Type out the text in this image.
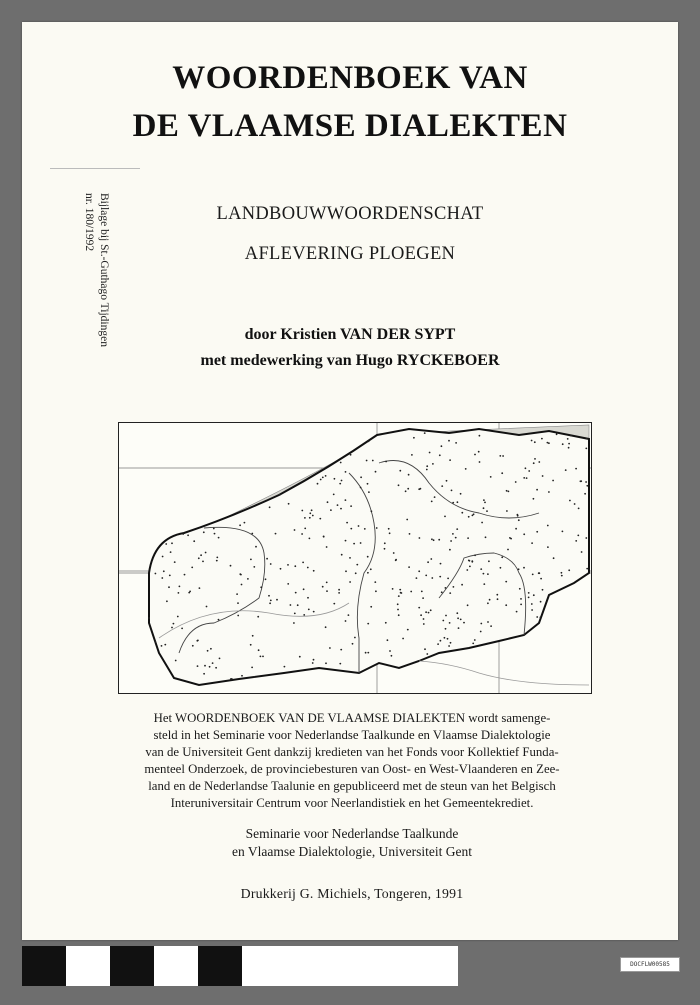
WOORDENBOEK VAN
DE VLAAMSE DIALEKTEN
Bijlage bij St.-Guthago Tijdingen
nr. 180/1992	LANDBOUWWOORDENSCHAT
AFLEVERING PLOEGEN
door Kristien VAN DER SYPT
met medewerking van Hugo RYCKEBOER
Het WOORDENBOEK VAN DE VLAAMSE DIALEKTEN wordt samenge-
steld in het Seminarie voor Nederlandse Taalkunde en Vlaamse Dialektologie
van de Universiteit Gent dankzij kredieten van het Fonds voor Kollektief Funda-
menteel Onderzoek, de provinciebesturen van Oost- en West-Vlaanderen en Zee-
land en de Nederlandse Taalunie en gepubliceerd met de steun van het Belgisch
Interuniversitair Centrum voor Neerlandistiek en het Gemeentekrediet.
Seminarie voor Nederlandse Taalkunde
en Vlaamse Dialektologie, Universiteit Gent
Drukkerij G. Michiels, Tongeren, 1991
DOCFLW00585
